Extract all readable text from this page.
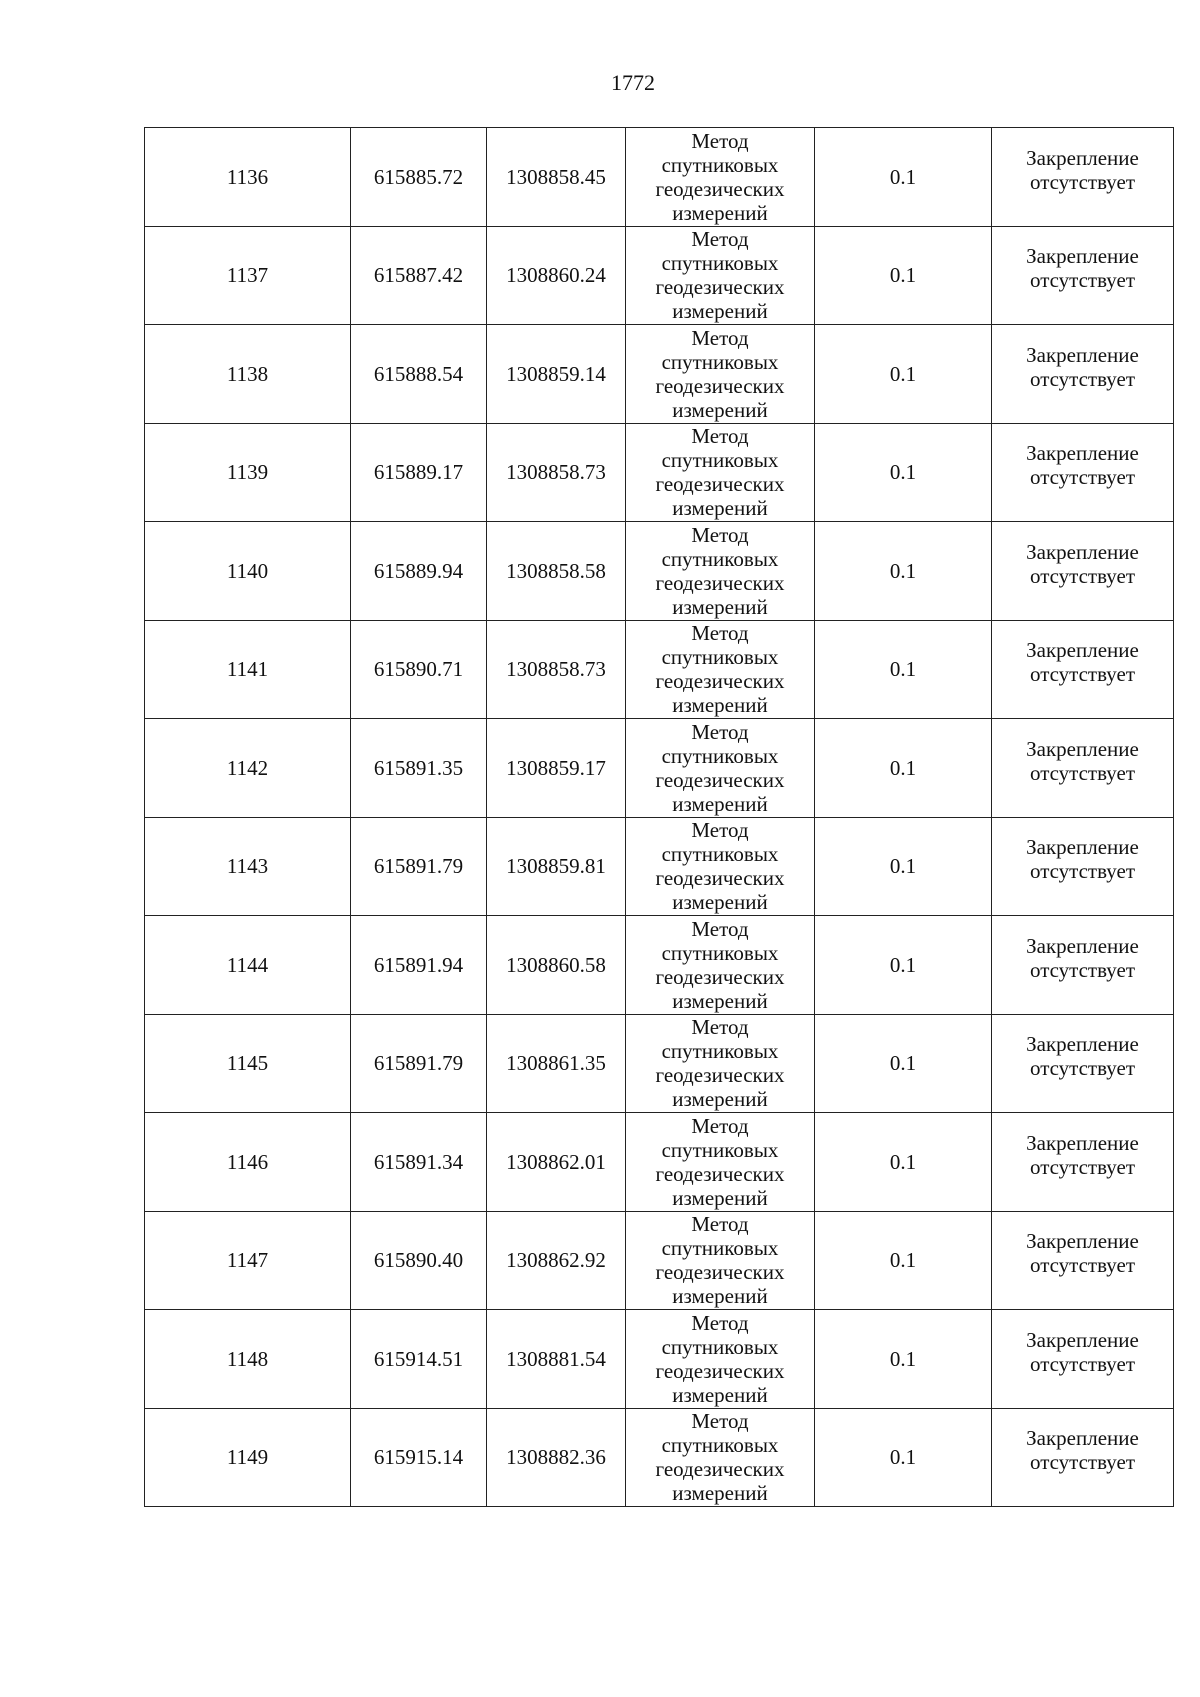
1772
1136	615885.72	1308858.45	Метод
спутниковых
геодезических
измерений	0.1	Закрепление
отсутствует

1137	615887.42	1308860.24	Метод
спутниковых
геодезических
измерений	0.1	Закрепление
отсутствует

1138	615888.54	1308859.14	Метод
спутниковых
геодезических
измерений	0.1	Закрепление
отсутствует

1139	615889.17	1308858.73	Метод
спутниковых
геодезических
измерений	0.1	Закрепление
отсутствует

1140	615889.94	1308858.58	Метод
спутниковых
геодезических
измерений	0.1	Закрепление
отсутствует

1141	615890.71	1308858.73	Метод
спутниковых
геодезических
измерений	0.1	Закрепление
отсутствует

1142	615891.35	1308859.17	Метод
спутниковых
геодезических
измерений	0.1	Закрепление
отсутствует

1143	615891.79	1308859.81	Метод
спутниковых
геодезических
измерений	0.1	Закрепление
отсутствует

1144	615891.94	1308860.58	Метод
спутниковых
геодезических
измерений	0.1	Закрепление
отсутствует

1145	615891.79	1308861.35	Метод
спутниковых
геодезических
измерений	0.1	Закрепление
отсутствует

1146	615891.34	1308862.01	Метод
спутниковых
геодезических
измерений	0.1	Закрепление
отсутствует

1147	615890.40	1308862.92	Метод
спутниковых
геодезических
измерений	0.1	Закрепление
отсутствует

1148	615914.51	1308881.54	Метод
спутниковых
геодезических
измерений	0.1	Закрепление
отсутствует

1149	615915.14	1308882.36	Метод
спутниковых
геодезических
измерений	0.1	Закрепление
отсутствует
